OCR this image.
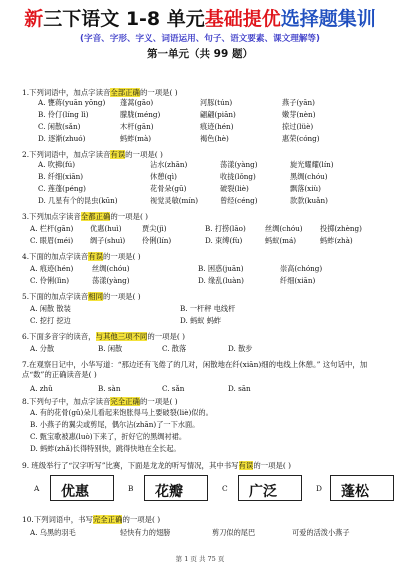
新三下语文 1-8 单元基础提优选择题集训
(字音、字形、字义、词语运用、句子、语文要素、课文理解等)
第一单元（共 99 题）
1.下列词语中，加点字读音全部正确的一项是( )
A. 甕蒋(yuān yōng) 蓬蒿(gāo)	河豚(tún)	燕子(yān)
B. 伶仃(líng lì)	朦胧(méng)	翩翩(piān)	嫩芽(nèn)
C. 闲散(sǎn)	木杆(gān)	痕迹(hén)	掠过(lüè)
D. 逐渐(zhuó)	蚂蚱(mà)	褐色(hè)	惠荣(cóng)
2.下列词语中，加点字读音有误的一项是( )
A. 吹拂(fú)	沾水(zhān)	荡漾(yàng)	旋光耀耀(lín)
B. 纤细(xiān)	休憩(qì)	收拢(lǒng)	黑绸(chóu)
C. 莲蓬(péng)	花骨朵(gū)	破裂(liè)	飘落(xiù)
D. 几星有个的昆虫(kūn)	视觉灵敏(mín)	曾经(céng)	款款(kuǎn)
3.下列加点字读音全都正确的一项是( )
A. 栏杆(gān) 优惠(huì)	贾尖(jì)	B. 打捞(lāo)	丝绸(chóu) 投掷(zhèng)
C. 眼眉(méi) 绸子(shuì) 伶俐(lín)	D. 束缚(fù)	蚂蚁(má)	蚂蚱(zhà)
4.下面的加点字读音有误的一项是( )
A. 痕迹(hén)	丝绸(chóu)	B. 困惑(juān)	崇高(chóng)
C. 伶俐(lìn)	荡漾(yàng)	D. 缘乱(luàn)	纤细(xiān)
5.下面的加点字读音相同的一项是( )
A. 闲散 散装	B. 一杆秤 电线杆
C. 挖打 挖边	D. 蚂蚁 蚂蚱
6.下面多音字的读音，与其他三项不同的一项是( )
A. 分散	B. 闲散	C. 散落	D. 散步
7.在观察日记中，小华写道：“那边还有飞倦了的几对，闲散地在纤(xiān)细的电线上休憩。” 这句话中，加点“数”的正确读音是( )
A. zhǔ	B. sàn	C. sǎn	D. sān
8.下列句子中，加点字读音完全正确的一项是( )
A. 有的花骨(gǔ)朵儿看起来饱胀得马上要破裂(liè)似的。
B. 小燕子的翼尖或剪尾，偶尔沾(zhān)了一下水面。
C. 甄宝歌被惠(luò)下来了，折好它的黑绸衬裙。
D. 蚂蚱(zhǎ)长得特别快，跳得快地在全长起。
9. 班级举行了“汉字听写”比赛，下面是龙龙的听写情况，其中书写有误的一项是( )
A 优惠	B 花瓣	C 广泛	D 蓬松
10.下列词语中，书写完全正确的一项是( )
A. 乌黑的羽毛	轻快有力的翅膀	剪刀似的尾巴	可爱的活泼小燕子
第 1 页 共 75 页
